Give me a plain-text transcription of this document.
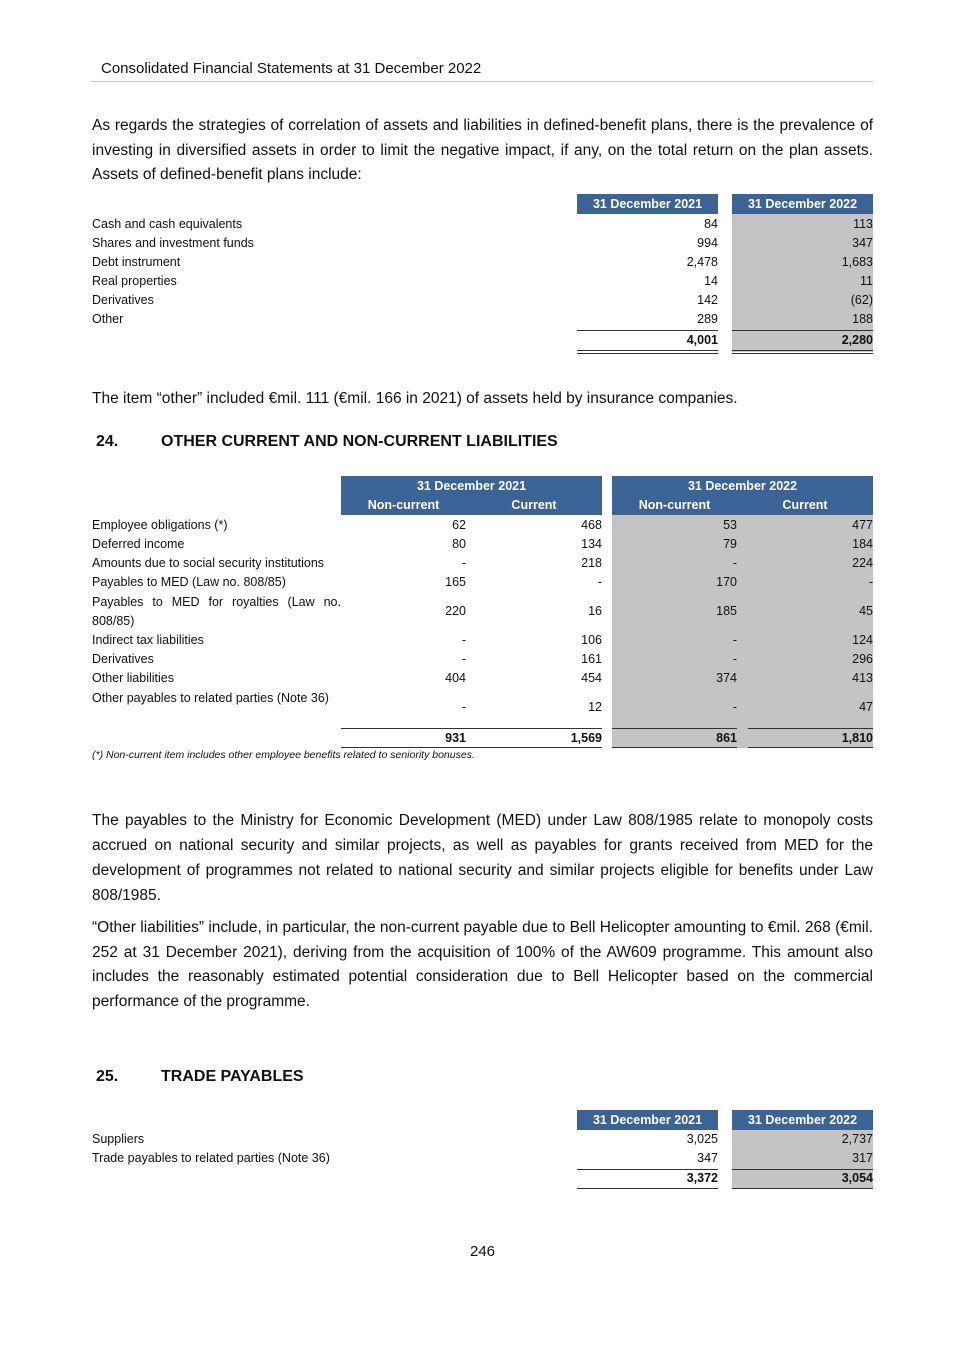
Consolidated Financial Statements at 31 December 2022
As regards the strategies of correlation of assets and liabilities in defined-benefit plans, there is the prevalence of investing in diversified assets in order to limit the negative impact, if any, on the total return on the plan assets. Assets of defined-benefit plans include:
31 December 2021	31 December 2022
Cash and cash equivalents	84	113
Shares and investment funds	994	347
Debt instrument	2,478	1,683
Real properties	14	11
Derivatives	142	(62)
Other	289	188
4,001	2,280
The item “other” included €mil. 111 (€mil. 166 in 2021) of assets held by insurance companies.
24.	OTHER CURRENT AND NON-CURRENT LIABILITIES
31 December 2021	31 December 2022
Non-current	Current	Non-current	Current
Employee obligations (*)	62	468	53	477
Deferred income	80	134	79	184
Amounts due to social security institutions	-	218	-	224
Payables to MED (Law no. 808/85)	165	-	170	-
Payables to MED for royalties (Law no. 808/85)
220	16	185	45
Indirect tax liabilities	-	106	-	124
Derivatives	-	161	-	296
Other liabilities	404	454	374	413
Other payables to related parties (Note 36)
-	12	-	47
931	1,569	861	1,810
(*) Non-current item includes other employee benefits related to seniority bonuses.
The payables to the Ministry for Economic Development (MED) under Law 808/1985 relate to monopoly costs accrued on national security and similar projects, as well as payables for grants received from MED for the development of programmes not related to national security and similar projects eligible for benefits under Law 808/1985.
“Other liabilities” include, in particular, the non-current payable due to Bell Helicopter amounting to €mil. 268 (€mil. 252 at 31 December 2021), deriving from the acquisition of 100% of the AW609 programme. This amount also includes the reasonably estimated potential consideration due to Bell Helicopter based on the commercial performance of the programme.
25.	TRADE PAYABLES
31 December 2021	31 December 2022
Suppliers	3,025	2,737
Trade payables to related parties (Note 36)	347	317
3,372	3,054
246
